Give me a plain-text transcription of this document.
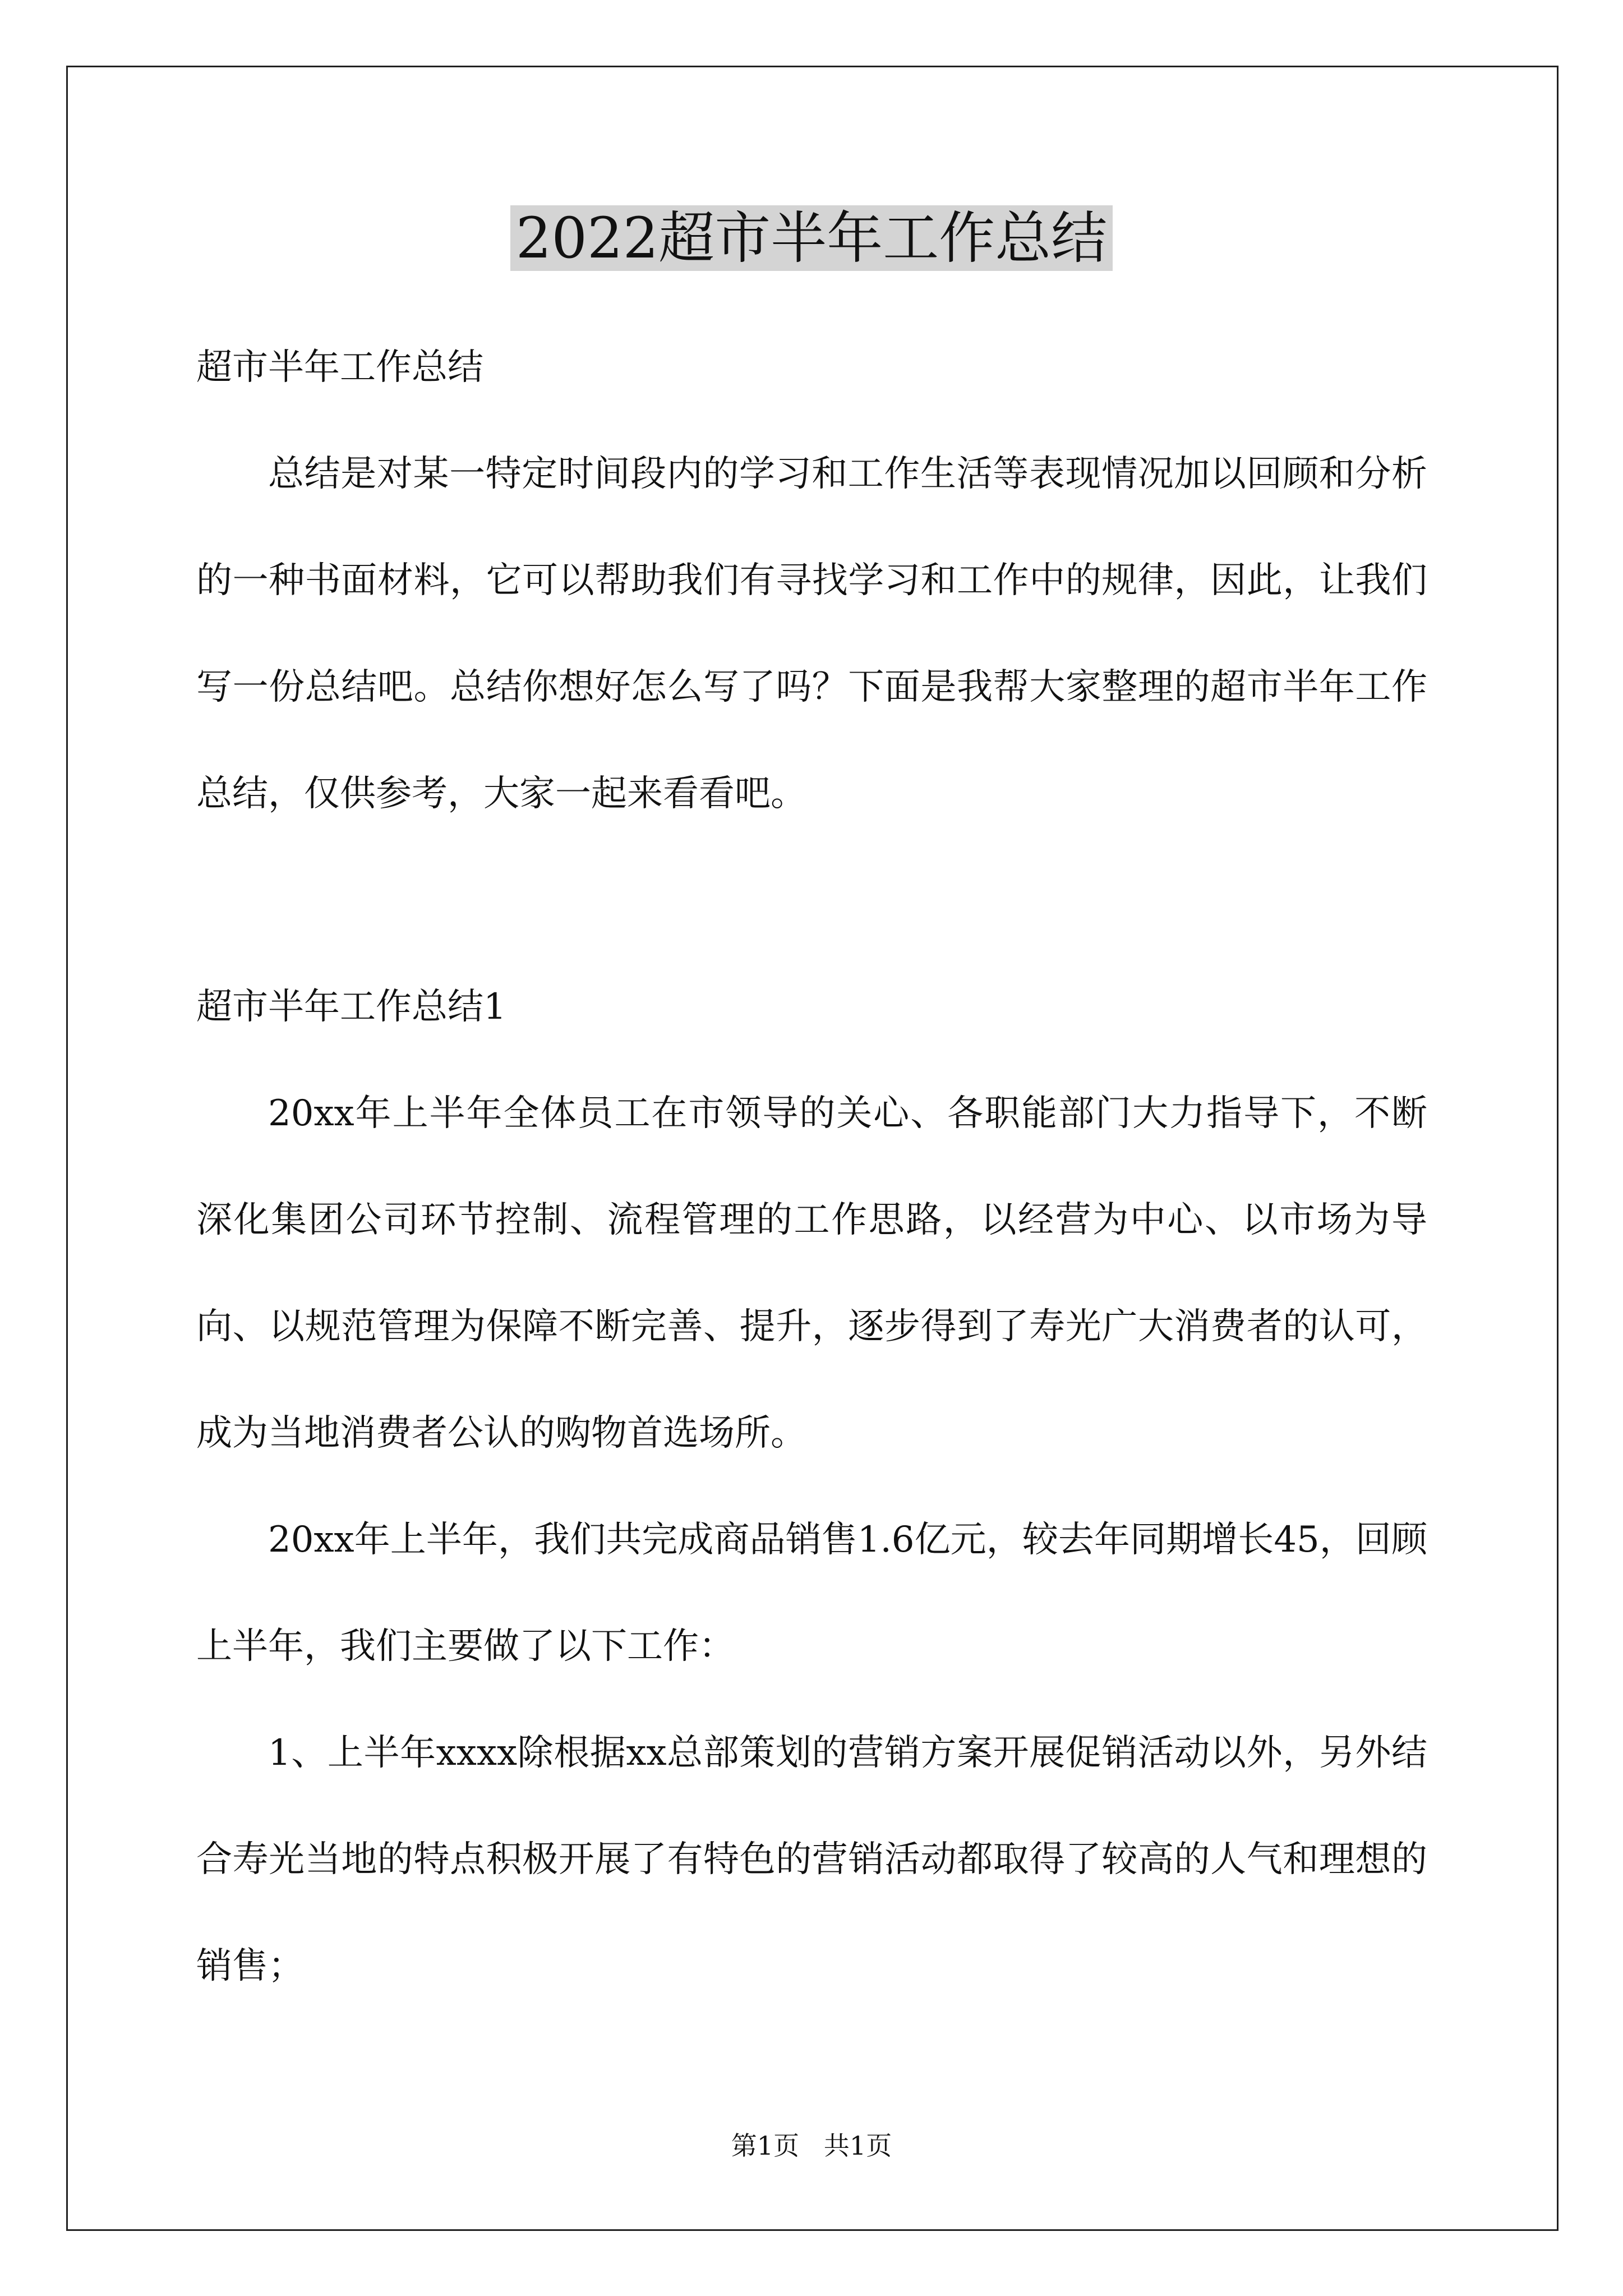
2022超市半年工作总结

超市半年工作总结

总结是对某一特定时间段内的学习和工作生活等表现情况加以回顾和分析的一种书面材料，它可以帮助我们有寻找学习和工作中的规律，因此，让我们写一份总结吧。总结你想好怎么写了吗？下面是我帮大家整理的超市半年工作总结，仅供参考，大家一起来看看吧。

超市半年工作总结1

20xx年上半年全体员工在市领导的关心、各职能部门大力指导下，不断深化集团公司环节控制、流程管理的工作思路，以经营为中心、以市场为导向、以规范管理为保障不断完善、提升，逐步得到了寿光广大消费者的认可，成为当地消费者公认的购物首选场所。

20xx年上半年，我们共完成商品销售1.6亿元，较去年同期增长45，回顾上半年，我们主要做了以下工作：

1、上半年xxxx除根据xx总部策划的营销方案开展促销活动以外，另外结合寿光当地的特点积极开展了有特色的营销活动都取得了较高的人气和理想的销售；

第1页   共1页
